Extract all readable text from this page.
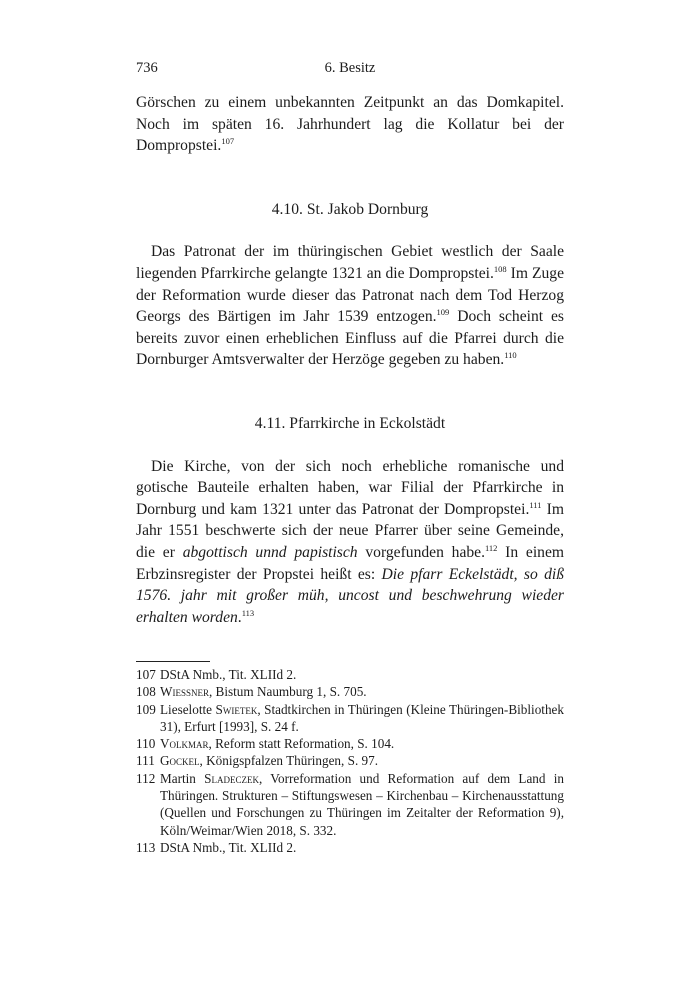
736	6. Besitz

Görschen zu einem unbekannten Zeitpunkt an das Domkapitel. Noch im späten 16. Jahrhundert lag die Kollatur bei der Dompropstei.$^{107}$

4.10. St. Jakob Dornburg

Das Patronat der im thüringischen Gebiet westlich der Saale liegenden Pfarrkirche gelangte 1321 an die Dompropstei.$^{108}$ Im Zuge der Reformation wurde dieser das Patronat nach dem Tod Herzog Georgs des Bärtigen im Jahr 1539 entzogen.$^{109}$ Doch scheint es bereits zuvor einen erheblichen Einfluss auf die Pfarrei durch die Dornburger Amtsverwalter der Herzöge gegeben zu haben.$^{110}$

4.11. Pfarrkirche in Eckolstädt

Die Kirche, von der sich noch erhebliche romanische und gotische Bauteile erhalten haben, war Filial der Pfarrkirche in Dornburg und kam 1321 unter das Patronat der Dompropstei.$^{111}$ Im Jahr 1551 beschwerte sich der neue Pfarrer über seine Gemeinde, die er abgottisch unnd papistisch vorgefunden habe.$^{112}$ In einem Erbzinsregister der Propstei heißt es: Die pfarr Eckelstädt, so diß 1576. jahr mit großer müh, uncost und beschwehrung wieder erhalten worden.$^{113}$

107 DStA Nmb., Tit. XLIId 2.
108 Wiessner, Bistum Naumburg 1, S. 705.
109 Lieselotte Swietek, Stadtkirchen in Thüringen (Kleine Thüringen-Bibliothek 31), Erfurt [1993], S. 24 f.
110 Volkmar, Reform statt Reformation, S. 104.
111 Gockel, Königspfalzen Thüringen, S. 97.
112 Martin Sladeczek, Vorreformation und Reformation auf dem Land in Thüringen. Strukturen – Stiftungswesen – Kirchenbau – Kirchenausstattung (Quellen und Forschungen zu Thüringen im Zeitalter der Reformation 9), Köln/Weimar/Wien 2018, S. 332.
113 DStA Nmb., Tit. XLIId 2.
